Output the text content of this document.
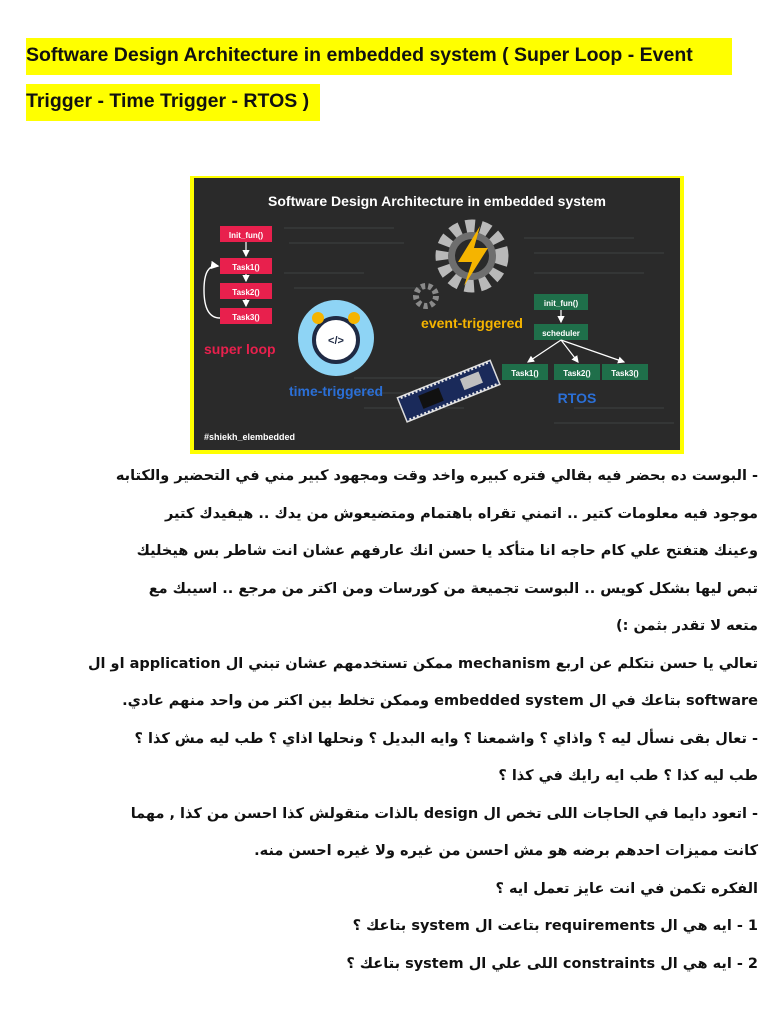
Software Design Architecture in embedded system ( Super Loop - Event
Trigger - Time Trigger - RTOS )
Software Design Architecture in embedded system
Init_fun()
Task1()
Task2()
Task3()
super loop
event-triggered
</>
time-triggered
init_fun()
scheduler
Task1()	Task2()	Task3()
RTOS
#shiekh_elembedded

- البوست ده بحضر فيه بقالي فتره كبيره واخد وقت ومجهود كبير مني في التحضير والكتابه

موجود فيه معلومات كتير .. اتمني تقراه باهتمام ومتضيعوش من يدك .. هيفيدك كتير

وعينك هتفتح علي كام حاجه انا متأكد يا حسن انك عارفهم عشان انت شاطر بس هيخليك

تبص ليها بشكل كويس .. البوست تجميعة من كورسات ومن اكتر من مرجع .. اسيبك مع

متعه لا تقدر بثمن :)

تعالي يا حسن نتكلم عن اربع mechanism ممكن تستخدمهم عشان تبني ال application او ال

software بتاعك في ال embedded system وممكن تخلط بين اكتر من واحد منهم عادي.

- تعال بقى نسأل ليه ؟ واذاي ؟ واشمعنا ؟ وايه البديل ؟ ونحلها اذاي ؟ طب ليه مش كذا ؟

طب ليه كذا ؟ طب ايه رايك في كذا ؟

- اتعود دايما في الحاجات اللى تخص ال design بالذات متقولش كذا احسن من كذا , مهما

كانت مميزات احدهم برضه هو مش احسن من غيره ولا غيره احسن منه.

الفكره تكمن في انت عايز تعمل ايه ؟

1 - ايه هي ال requirements بتاعت ال system بتاعك ؟

2 - ايه هي ال constraints اللى علي ال system بتاعك ؟
